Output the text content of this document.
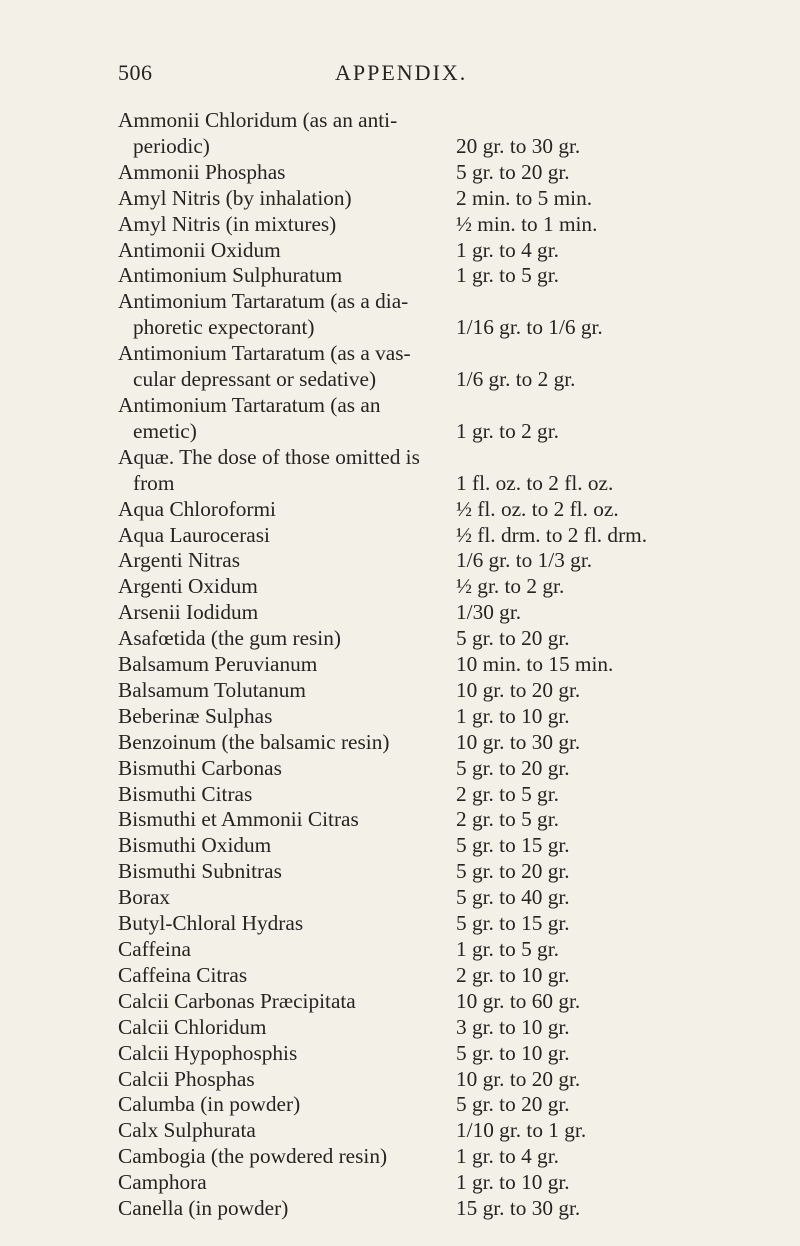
506	APPENDIX.
Ammonii Chloridum (as an anti-
periodic)	20 gr. to 30 gr.
Ammonii Phosphas	5 gr. to 20 gr.
Amyl Nitris (by inhalation)	2 min. to 5 min.
Amyl Nitris (in mixtures)	½ min. to 1 min.
Antimonii Oxidum	1 gr. to 4 gr.
Antimonium Sulphuratum	1 gr. to 5 gr.
Antimonium Tartaratum (as a dia-
phoretic expectorant)	1/16 gr. to 1/6 gr.
Antimonium Tartaratum (as a vas-
cular depressant or sedative)	1/6 gr. to 2 gr.
Antimonium Tartaratum (as an
emetic)	1 gr. to 2 gr.
Aquæ. The dose of those omitted is
from	1 fl. oz. to 2 fl. oz.
Aqua Chloroformi	½ fl. oz. to 2 fl. oz.
Aqua Laurocerasi	½ fl. drm. to 2 fl. drm.
Argenti Nitras	1/6 gr. to 1/3 gr.
Argenti Oxidum	½ gr. to 2 gr.
Arsenii Iodidum	1/30 gr.
Asafœtida (the gum resin)	5 gr. to 20 gr.
Balsamum Peruvianum	10 min. to 15 min.
Balsamum Tolutanum	10 gr. to 20 gr.
Beberinæ Sulphas	1 gr. to 10 gr.
Benzoinum (the balsamic resin)	10 gr. to 30 gr.
Bismuthi Carbonas	5 gr. to 20 gr.
Bismuthi Citras	2 gr. to 5 gr.
Bismuthi et Ammonii Citras	2 gr. to 5 gr.
Bismuthi Oxidum	5 gr. to 15 gr.
Bismuthi Subnitras	5 gr. to 20 gr.
Borax	5 gr. to 40 gr.
Butyl-Chloral Hydras	5 gr. to 15 gr.
Caffeina	1 gr. to 5 gr.
Caffeina Citras	2 gr. to 10 gr.
Calcii Carbonas Præcipitata	10 gr. to 60 gr.
Calcii Chloridum	3 gr. to 10 gr.
Calcii Hypophosphis	5 gr. to 10 gr.
Calcii Phosphas	10 gr. to 20 gr.
Calumba (in powder)	5 gr. to 20 gr.
Calx Sulphurata	1/10 gr. to 1 gr.
Cambogia (the powdered resin)	1 gr. to 4 gr.
Camphora	1 gr. to 10 gr.
Canella (in powder)	15 gr. to 30 gr.
